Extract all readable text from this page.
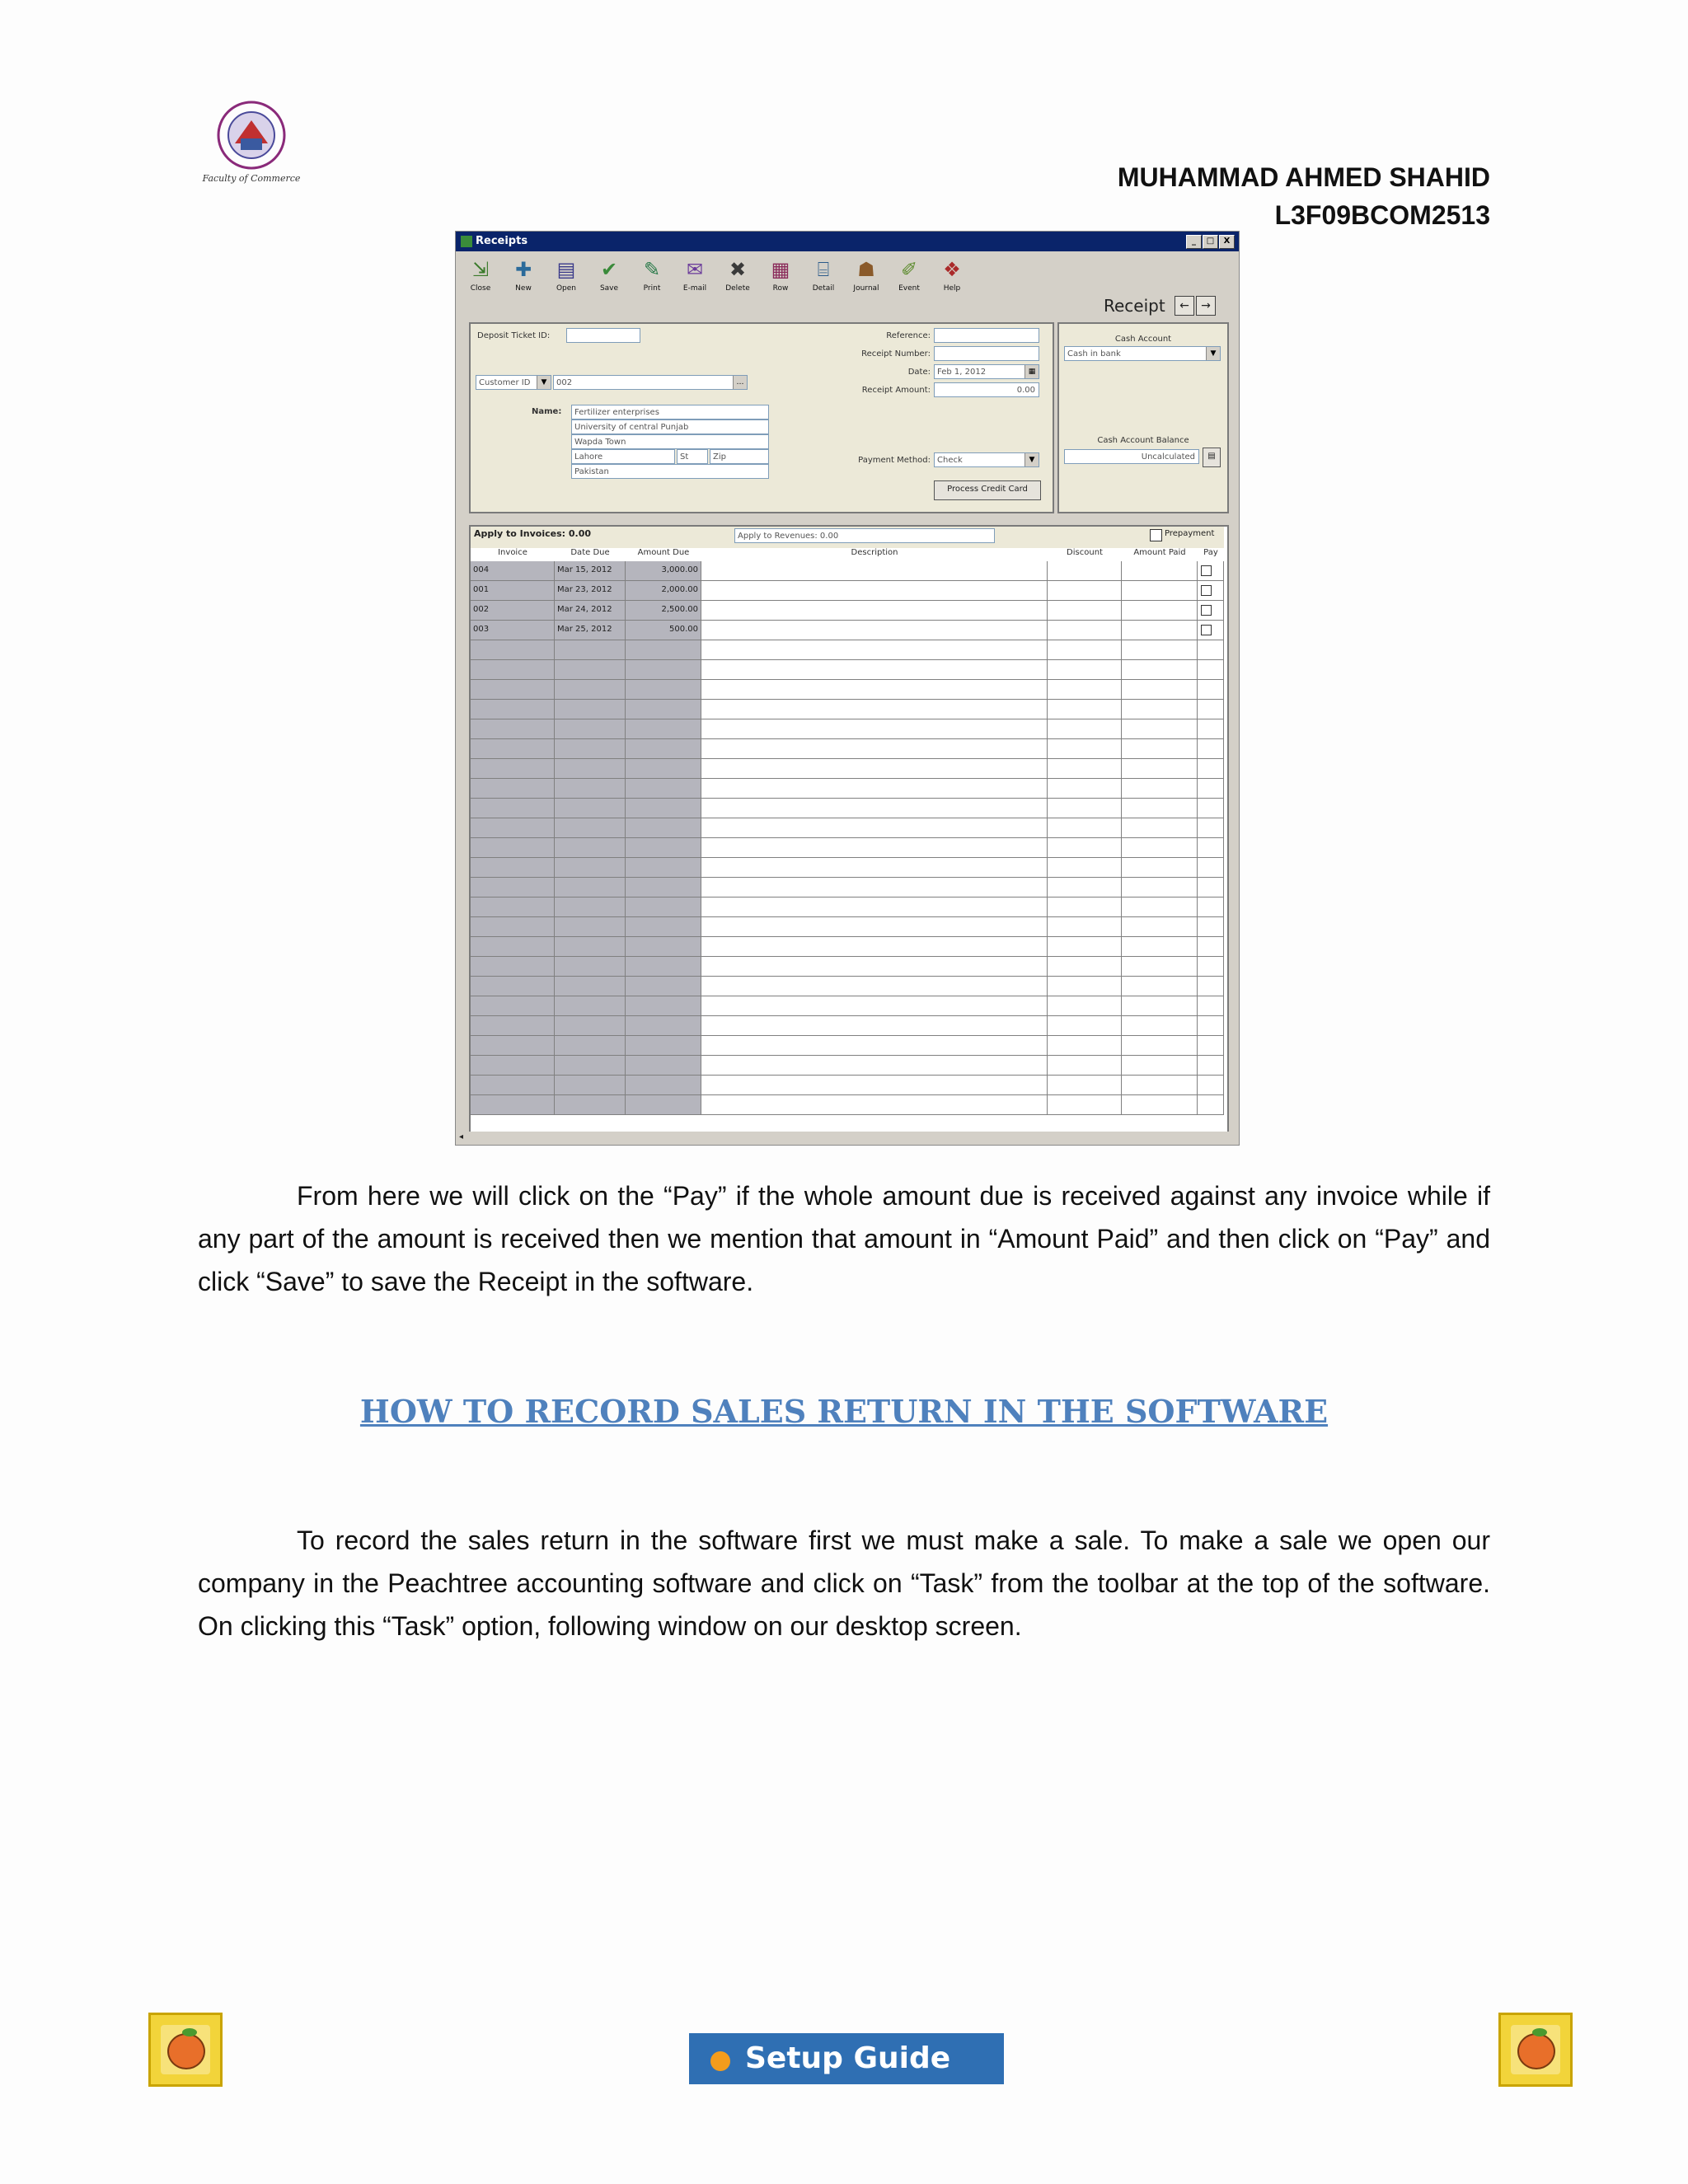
Faculty of Commerce	MUHAMMAD AHMED SHAHID
L3F09BCOM2513
Receipts	_	□	X
⇲
Close
✚
New
▤
Open
✔
Save
✎
Print
✉
E-mail
✖
Delete
▦
Row
⌸
Detail
☗
Journal
✐
Event
❖
Help
Receipt	←	→
Deposit Ticket ID:
Customer ID	▼	002	…
Name:	Fertilizer enterprises
University of central Punjab
Wapda Town
Lahore	St	Zip
Pakistan
Reference:
Receipt Number:
Date: Feb 1, 2012	▦
Receipt Amount:	0.00
Payment Method: Check	▼
Process Credit Card
Cash Account
Cash in bank	▼
Cash Account Balance
Uncalculated	▤
Apply to Invoices: 0.00	Apply to Revenues: 0.00	Prepayment
Invoice	Date Due	Amount Due	Description	Discount	Amount Paid	Pay
004	Mar 15, 2012	3,000.00
001	Mar 23, 2012	2,000.00
002	Mar 24, 2012	2,500.00
003	Mar 25, 2012	500.00
◂

From here we will click on the “Pay” if the whole amount due is received against any invoice while if any part of the amount is received then we mention that amount in “Amount Paid” and then click on “Pay” and click “Save” to save the Receipt in the software.

HOW TO RECORD SALES RETURN IN THE SOFTWARE

To record the sales return in the software first we must make a sale. To make a sale we open our company in the Peachtree accounting software and click on “Task” from the toolbar at the top of the software. On clicking this “Task” option, following window on our desktop screen.

Setup Guide
